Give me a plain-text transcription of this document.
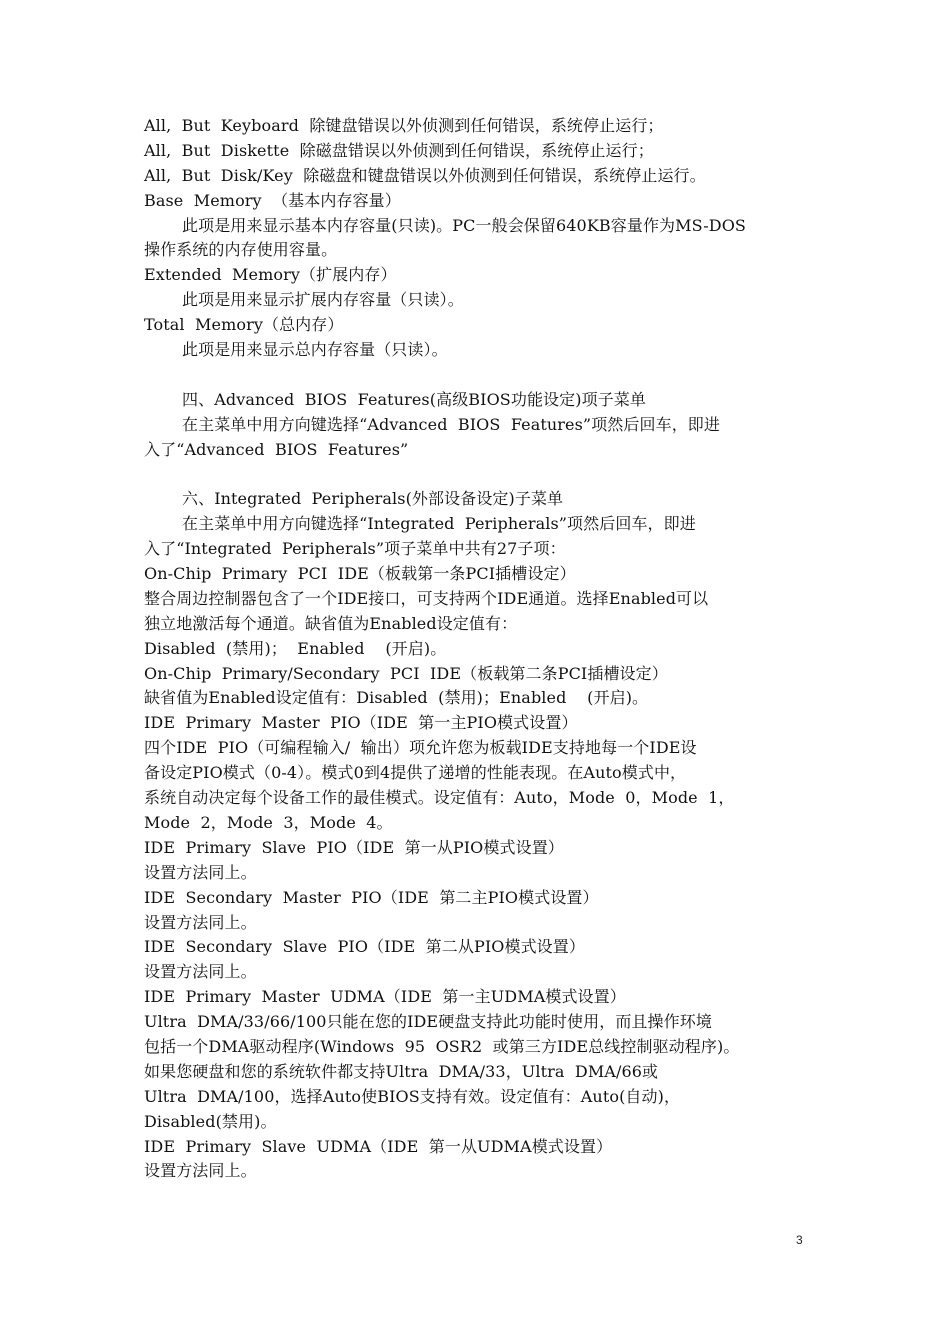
All,  But  Keyboard  除键盘错误以外侦测到任何错误，系统停止运行；
All,  But  Diskette  除磁盘错误以外侦测到任何错误，系统停止运行；
All,  But  Disk/Key  除磁盘和键盘错误以外侦测到任何错误，系统停止运行。
Base  Memory  （基本内存容量）
此项是用来显示基本内存容量(只读)。PC一般会保留640KB容量作为MS-DOS
操作系统的内存使用容量。
Extended  Memory（扩展内存）
此项是用来显示扩展内存容量（只读）。
Total  Memory（总内存）
此项是用来显示总内存容量（只读）。
四、Advanced  BIOS  Features(高级BIOS功能设定)项子菜单
在主菜单中用方向键选择“Advanced  BIOS  Features”项然后回车，即进
入了“Advanced  BIOS  Features”
六、Integrated  Peripherals(外部设备设定)子菜单
在主菜单中用方向键选择“Integrated  Peripherals”项然后回车，即进
入了“Integrated  Peripherals”项子菜单中共有27子项：
On-Chip  Primary  PCI  IDE（板载第一条PCI插槽设定）
整合周边控制器包含了一个IDE接口，可支持两个IDE通道。选择Enabled可以
独立地激活每个通道。缺省值为Enabled设定值有：
Disabled  (禁用)；  Enabled    (开启)。
On-Chip  Primary/Secondary  PCI  IDE（板载第二条PCI插槽设定）
缺省值为Enabled设定值有：Disabled  (禁用)；Enabled    (开启)。
IDE  Primary  Master  PIO（IDE  第一主PIO模式设置）
四个IDE  PIO（可编程输入/  输出）项允许您为板载IDE支持地每一个IDE设
备设定PIO模式（0-4）。模式0到4提供了递增的性能表现。在Auto模式中，
系统自动决定每个设备工作的最佳模式。设定值有：Auto，Mode  0，Mode  1，
Mode  2，Mode  3，Mode  4。
IDE  Primary  Slave  PIO（IDE  第一从PIO模式设置）
设置方法同上。
IDE  Secondary  Master  PIO（IDE  第二主PIO模式设置）
设置方法同上。
IDE  Secondary  Slave  PIO（IDE  第二从PIO模式设置）
设置方法同上。
IDE  Primary  Master  UDMA（IDE  第一主UDMA模式设置）
Ultra  DMA/33/66/100只能在您的IDE硬盘支持此功能时使用，而且操作环境
包括一个DMA驱动程序(Windows  95  OSR2  或第三方IDE总线控制驱动程序)。
如果您硬盘和您的系统软件都支持Ultra  DMA/33，Ultra  DMA/66或
Ultra  DMA/100，选择Auto使BIOS支持有效。设定值有：Auto(自动)，
Disabled(禁用)。
IDE  Primary  Slave  UDMA（IDE  第一从UDMA模式设置）
设置方法同上。
3
